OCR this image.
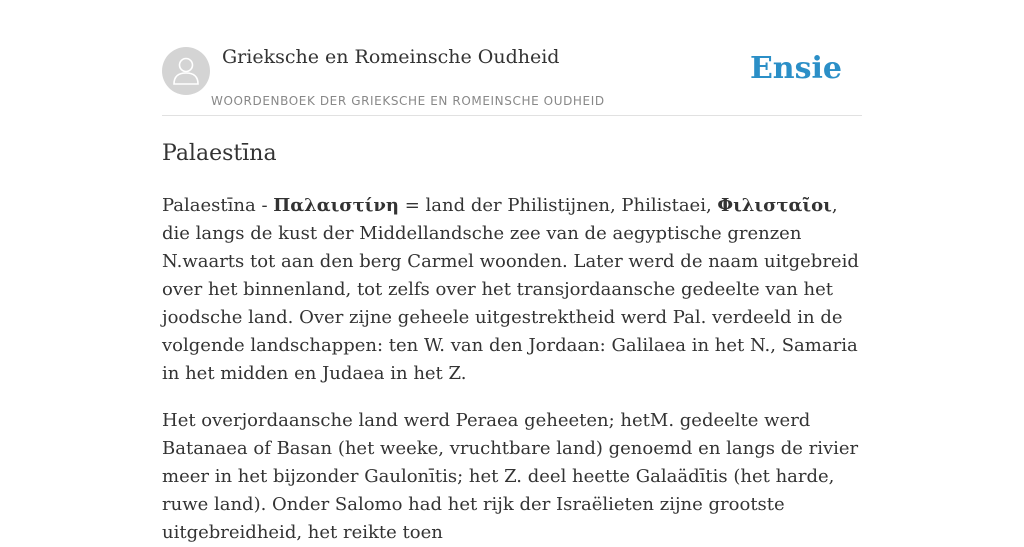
Grieksche en Romeinsche Oudheid
WOORDENBOEK DER GRIEKSCHE EN ROMEINSCHE OUDHEID
Ensie
Palaestīna

Palaestīna - Παλαιστίνη = land der Philistijnen, Philistaei, Φιλισταῖοι, die langs de kust der Middellandsche zee van de aegyptische grenzen N.waarts tot aan den berg Carmel woonden. Later werd de naam uitgebreid over het binnenland, tot zelfs over het transjordaansche gedeelte van het joodsche land. Over zijne geheele uitgestrektheid werd Pal. verdeeld in de volgende landschappen: ten W. van den Jordaan: Galilaea in het N., Samaria in het midden en Judaea in het Z.

Het overjordaansche land werd Peraea geheeten; hetM. gedeelte werd Batanaea of Basan (het weeke, vruchtbare land) genoemd en langs de rivier meer in het bijzonder Gaulonītis; het Z. deel heette Galaädītis (het harde, ruwe land). Onder Salomo had het rijk der Israëlieten zijne grootste uitgebreidheid, het reikte toen
